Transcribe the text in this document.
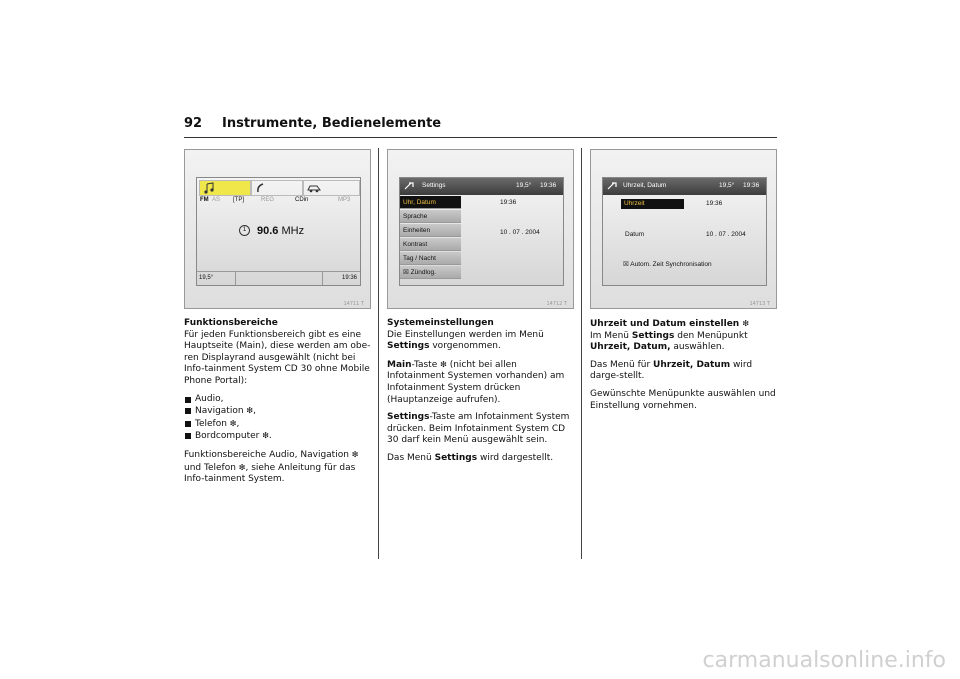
92 Instrumente, Bedienelemente
FM AS [TP]	REG	CDin	MP3
1 90.6 MHz
19,5°	19:36
14711 T
Settings	19,5° 19:36
Uhr, Datum
Sprache
Einheiten
Kontrast
Tag / Nacht
☒ Zündlog.
19:36
10 . 07 . 2004
14712 T
Uhrzeit, Datum	19,5° 19:36
Uhrzeit	19:36
Datum	10 . 07 . 2004
☒ Autom. Zeit Synchronisation
14713 T

Funktionsbereiche
Für jeden Funktionsbereich gibt es eine Hauptseite (Main), diese werden am obe-ren Displayrand ausgewählt (nicht bei Info-tainment System CD 30 ohne Mobile Phone Portal):

Audio,
Navigation ❇,
Telefon ❇,
Bordcomputer ❇.

Funktionsbereiche Audio, Navigation ❇ und Telefon ❇, siehe Anleitung für das Info-tainment System.

Systemeinstellungen
Die Einstellungen werden im Menü Settings vorgenommen.

Main-Taste ❇ (nicht bei allen Infotainment Systemen vorhanden) am Infotainment System drücken (Hauptanzeige aufrufen).

Settings-Taste am Infotainment System drücken. Beim Infotainment System CD 30 darf kein Menü ausgewählt sein.

Das Menü Settings wird dargestellt.

Uhrzeit und Datum einstellen ❇
Im Menü Settings den Menüpunkt Uhrzeit, Datum, auswählen.

Das Menü für Uhrzeit, Datum wird darge-stellt.

Gewünschte Menüpunkte auswählen und Einstellung vornehmen.

carmanualsonline.info
